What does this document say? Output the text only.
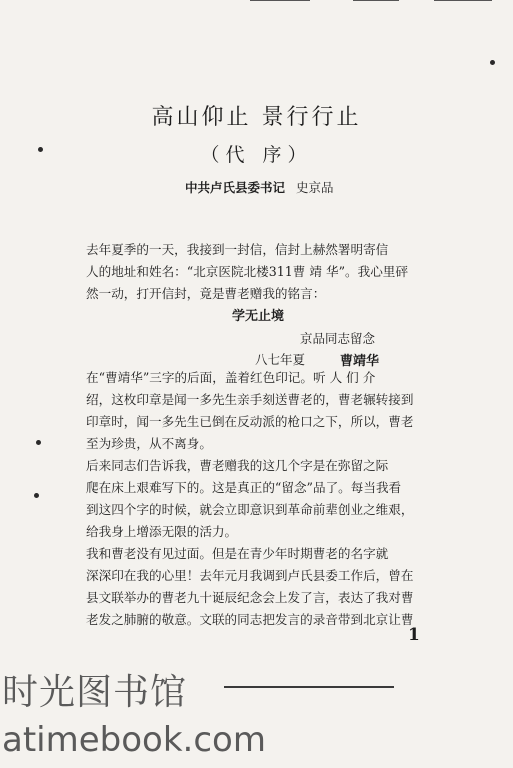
高山仰止 景行行止
（代 序）
中共卢氏县委书记 史京品
去年夏季的一天，我接到一封信，信封上赫然署明寄信
人的地址和姓名：“北京医院北楼311曹 靖 华”。我心里砰
然一动，打开信封，竟是曹老赠我的铭言：
学无止境
京品同志留念
八七年夏	曹靖华
在“曹靖华”三字的后面，盖着红色印记。听 人 们 介
绍，这枚印章是闻一多先生亲手刻送曹老的，曹老辗转接到
印章时，闻一多先生已倒在反动派的枪口之下，所以，曹老
至为珍贵，从不离身。
后来同志们告诉我，曹老赠我的这几个字是在弥留之际
爬在床上艰难写下的。这是真正的“留念”品了。每当我看
到这四个字的时候，就会立即意识到革命前辈创业之维艰，
给我身上增添无限的活力。
我和曹老没有见过面。但是在青少年时期曹老的名字就
深深印在我的心里！去年元月我调到卢氏县委工作后，曾在
县文联举办的曹老九十诞辰纪念会上发了言，表达了我对曹
老发之肺腑的敬意。文联的同志把发言的录音带到北京让曹
1
时光图书馆
atimebook.com
